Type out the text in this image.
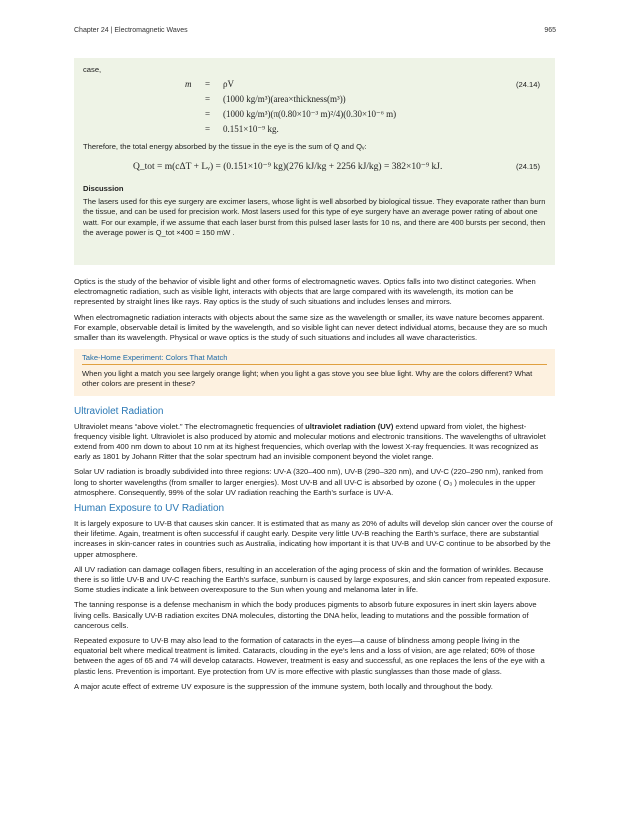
Chapter 24 | Electromagnetic Waves	965
case,
m = ρV	(24.14)
= (1000 kg/m³)(area×thickness(m³))
= (1000 kg/m³)(π(0.80×10⁻³ m)²/4)(0.30×10⁻⁶ m)
= 0.151×10⁻⁹ kg.
Therefore, the total energy absorbed by the tissue in the eye is the sum of Q and Qᵥ:
Q_tot = m(cΔT + Lᵥ) = (0.151×10⁻⁹ kg)(276 kJ/kg + 2256 kJ/kg) = 382×10⁻⁹ kJ.	(24.15)
Discussion
The lasers used for this eye surgery are excimer lasers, whose light is well absorbed by biological tissue. They evaporate rather than burn the tissue, and can be used for precision work. Most lasers used for this type of eye surgery have an average power rating of about one watt. For our example, if we assume that each laser burst from this pulsed laser lasts for 10 ns, and there are 400 bursts per second, then the average power is Q_tot ×400 = 150 mW .

Optics is the study of the behavior of visible light and other forms of electromagnetic waves. Optics falls into two distinct categories. When electromagnetic radiation, such as visible light, interacts with objects that are large compared with its wavelength, its motion can be represented by straight lines like rays. Ray optics is the study of such situations and includes lenses and mirrors.

When electromagnetic radiation interacts with objects about the same size as the wavelength or smaller, its wave nature becomes apparent. For example, observable detail is limited by the wavelength, and so visible light can never detect individual atoms, because they are so much smaller than its wavelength. Physical or wave optics is the study of such situations and includes all wave characteristics.

Take-Home Experiment: Colors That Match
When you light a match you see largely orange light; when you light a gas stove you see blue light. Why are the colors different? What other colors are present in these?
Ultraviolet Radiation

Ultraviolet means “above violet.” The electromagnetic frequencies of ultraviolet radiation (UV) extend upward from violet, the highest-frequency visible light. Ultraviolet is also produced by atomic and molecular motions and electronic transitions. The wavelengths of ultraviolet extend from 400 nm down to about 10 nm at its highest frequencies, which overlap with the lowest X-ray frequencies. It was recognized as early as 1801 by Johann Ritter that the solar spectrum had an invisible component beyond the violet range.

Solar UV radiation is broadly subdivided into three regions: UV-A (320–400 nm), UV-B (290–320 nm), and UV-C (220–290 nm), ranked from long to shorter wavelengths (from smaller to larger energies). Most UV-B and all UV-C is absorbed by ozone ( O₃ ) molecules in the upper atmosphere. Consequently, 99% of the solar UV radiation reaching the Earth’s surface is UV-A.

Human Exposure to UV Radiation

It is largely exposure to UV-B that causes skin cancer. It is estimated that as many as 20% of adults will develop skin cancer over the course of their lifetime. Again, treatment is often successful if caught early. Despite very little UV-B reaching the Earth’s surface, there are substantial increases in skin-cancer rates in countries such as Australia, indicating how important it is that UV-B and UV-C continue to be absorbed by the upper atmosphere.

All UV radiation can damage collagen fibers, resulting in an acceleration of the aging process of skin and the formation of wrinkles. Because there is so little UV-B and UV-C reaching the Earth’s surface, sunburn is caused by large exposures, and skin cancer from repeated exposure. Some studies indicate a link between overexposure to the Sun when young and melanoma later in life.

The tanning response is a defense mechanism in which the body produces pigments to absorb future exposures in inert skin layers above living cells. Basically UV-B radiation excites DNA molecules, distorting the DNA helix, leading to mutations and the possible formation of cancerous cells.

Repeated exposure to UV-B may also lead to the formation of cataracts in the eyes—a cause of blindness among people living in the equatorial belt where medical treatment is limited. Cataracts, clouding in the eye’s lens and a loss of vision, are age related; 60% of those between the ages of 65 and 74 will develop cataracts. However, treatment is easy and successful, as one replaces the lens of the eye with a plastic lens. Prevention is important. Eye protection from UV is more effective with plastic sunglasses than those made of glass.

A major acute effect of extreme UV exposure is the suppression of the immune system, both locally and throughout the body.
